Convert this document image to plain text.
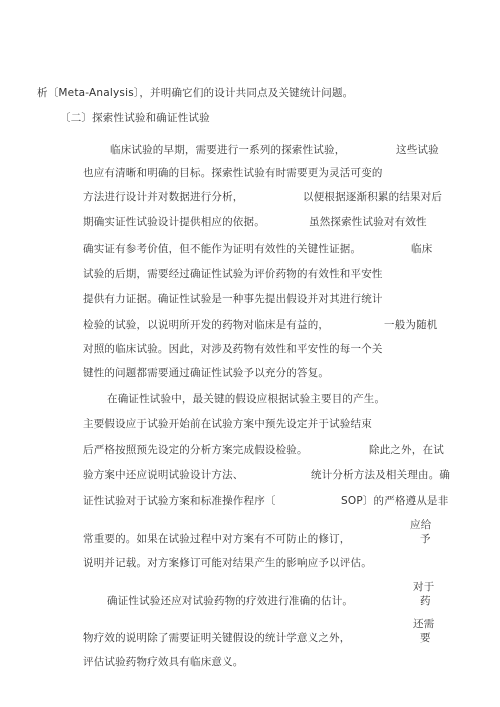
析〔Meta-Analysis〕，并明确它们的设计共同点及关键统计问题。
〔二〕探索性试验和确证性试验
临床试验的早期，需要进行一系列的探索性试验，	这些试验
也应有清晰和明确的目标。探索性试验有时需要更为灵活可变的
方法进行设计并对数据进行分析，	以便根据逐渐积累的结果对后
期确实证性试验设计提供相应的依据。	虽然探索性试验对有效性
确实证有参考价值，但不能作为证明有效性的关键性证据。	临床
试验的后期，需要经过确证性试验为评价药物的有效性和平安性
提供有力证据。确证性试验是一种事先提出假设并对其进行统计
检验的试验，以说明所开发的药物对临床是有益的，	一般为随机
对照的临床试验。因此，对涉及药物有效性和平安性的每一个关
键性的问题都需要通过确证性试验予以充分的答复。
在确证性试验中，最关键的假设应根据试验主要目的产生。
主要假设应于试验开始前在试验方案中预先设定并于试验结束
后严格按照预先设定的分析方案完成假设检验。	除此之外，在试
验方案中还应说明试验设计方法、	统计分析方法及相关理由。确
证性试验对于试验方案和标准操作程序〔	SOP〕的严格遵从是非
应给
常重要的。如果在试验过程中对方案有不可防止的修订，	予
说明并记载。对方案修订可能对结果产生的影响应予以评估。
对于
确证性试验还应对试验药物的疗效进行准确的估计。	药
还需
物疗效的说明除了需要证明关键假设的统计学意义之外，	要
评估试验药物疗效具有临床意义。
